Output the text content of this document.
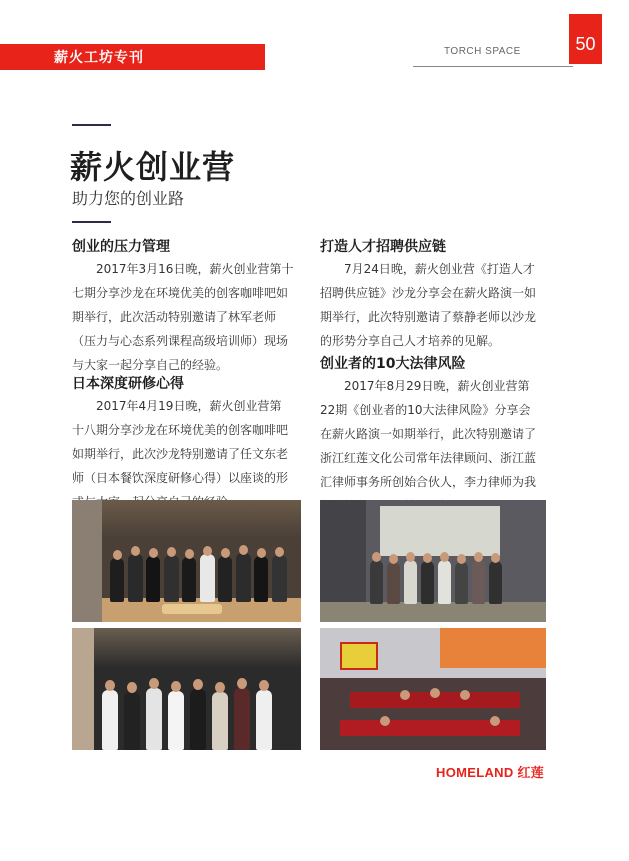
薪火工坊专刊	TORCH SPACE	50
薪火创业营
助力您的创业路
创业的压力管理
　　2017年3月16日晚，薪火创业营第十
七期分享沙龙在环境优美的创客咖啡吧如
期举行，此次活动特别邀请了林军老师
（压力与心态系列课程高级培训师）现场
与大家一起分享自己的经验。
日本深度研修心得
　　2017年4月19日晚，薪火创业营第
十八期分享沙龙在环境优美的创客咖啡吧
如期举行，此次沙龙特别邀请了任文东老
师（日本餐饮深度研修心得）以座谈的形
打造人才招聘供应链
　　7月24日晚，薪火创业营《打造人才
招聘供应链》沙龙分享会在薪火路演一如
期举行，此次特别邀请了蔡静老师以沙龙
的形势分享自己人才培养的见解。
创业者的10大法律风险
　　2017年8月29日晚，薪火创业营第
22期《创业者的10大法律风险》分享会
在薪火路演一如期举行，此次特别邀请了
浙江红莲文化公司常年法律顾问、浙江蓝
汇律师事务所创始合伙人，李力律师为我
HOMELAND 红莲
